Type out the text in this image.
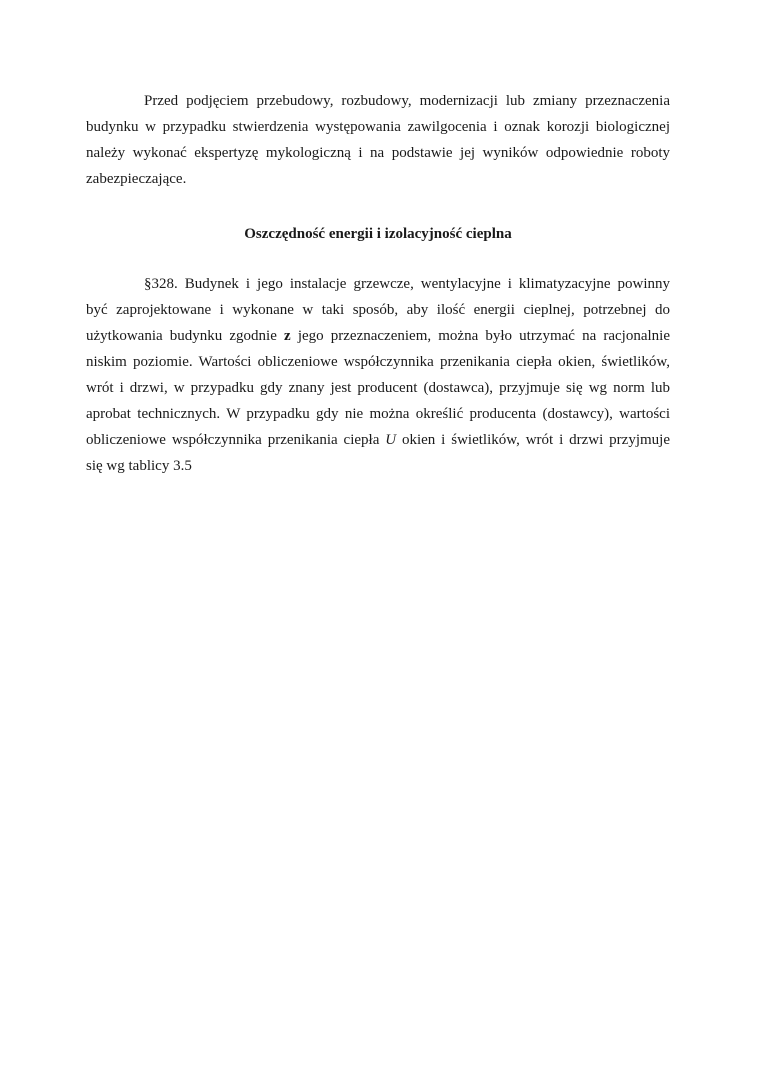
Przed podjęciem przebudowy, rozbudowy, modernizacji lub zmiany przeznaczenia
budynku w przypadku stwierdzenia występowania zawilgocenia i oznak korozji biologicznej
należy wykonać ekspertyzę mykologiczną i na podstawie jej wyników odpowiednie roboty
zabezpieczające.
Oszczędność energii i izolacyjność cieplna
§328. Budynek i jego instalacje grzewcze, wentylacyjne i klimatyzacyjne powinny
być zaprojektowane i wykonane w taki sposób, aby ilość energii cieplnej, potrzebnej do
użytkowania budynku zgodnie z jego przeznaczeniem, można było utrzymać na racjonalnie
niskim poziomie. Wartości obliczeniowe współczynnika przenikania ciepła okien, świetlików,
wrót i drzwi, w przypadku gdy znany jest producent (dostawca), przyjmuje się wg norm lub
aprobat technicznych. W przypadku gdy nie można określić producenta (dostawcy), wartości
obliczeniowe współczynnika przenikania ciepła U okien i świetlików, wrót i drzwi przyjmuje
się wg tablicy 3.5
